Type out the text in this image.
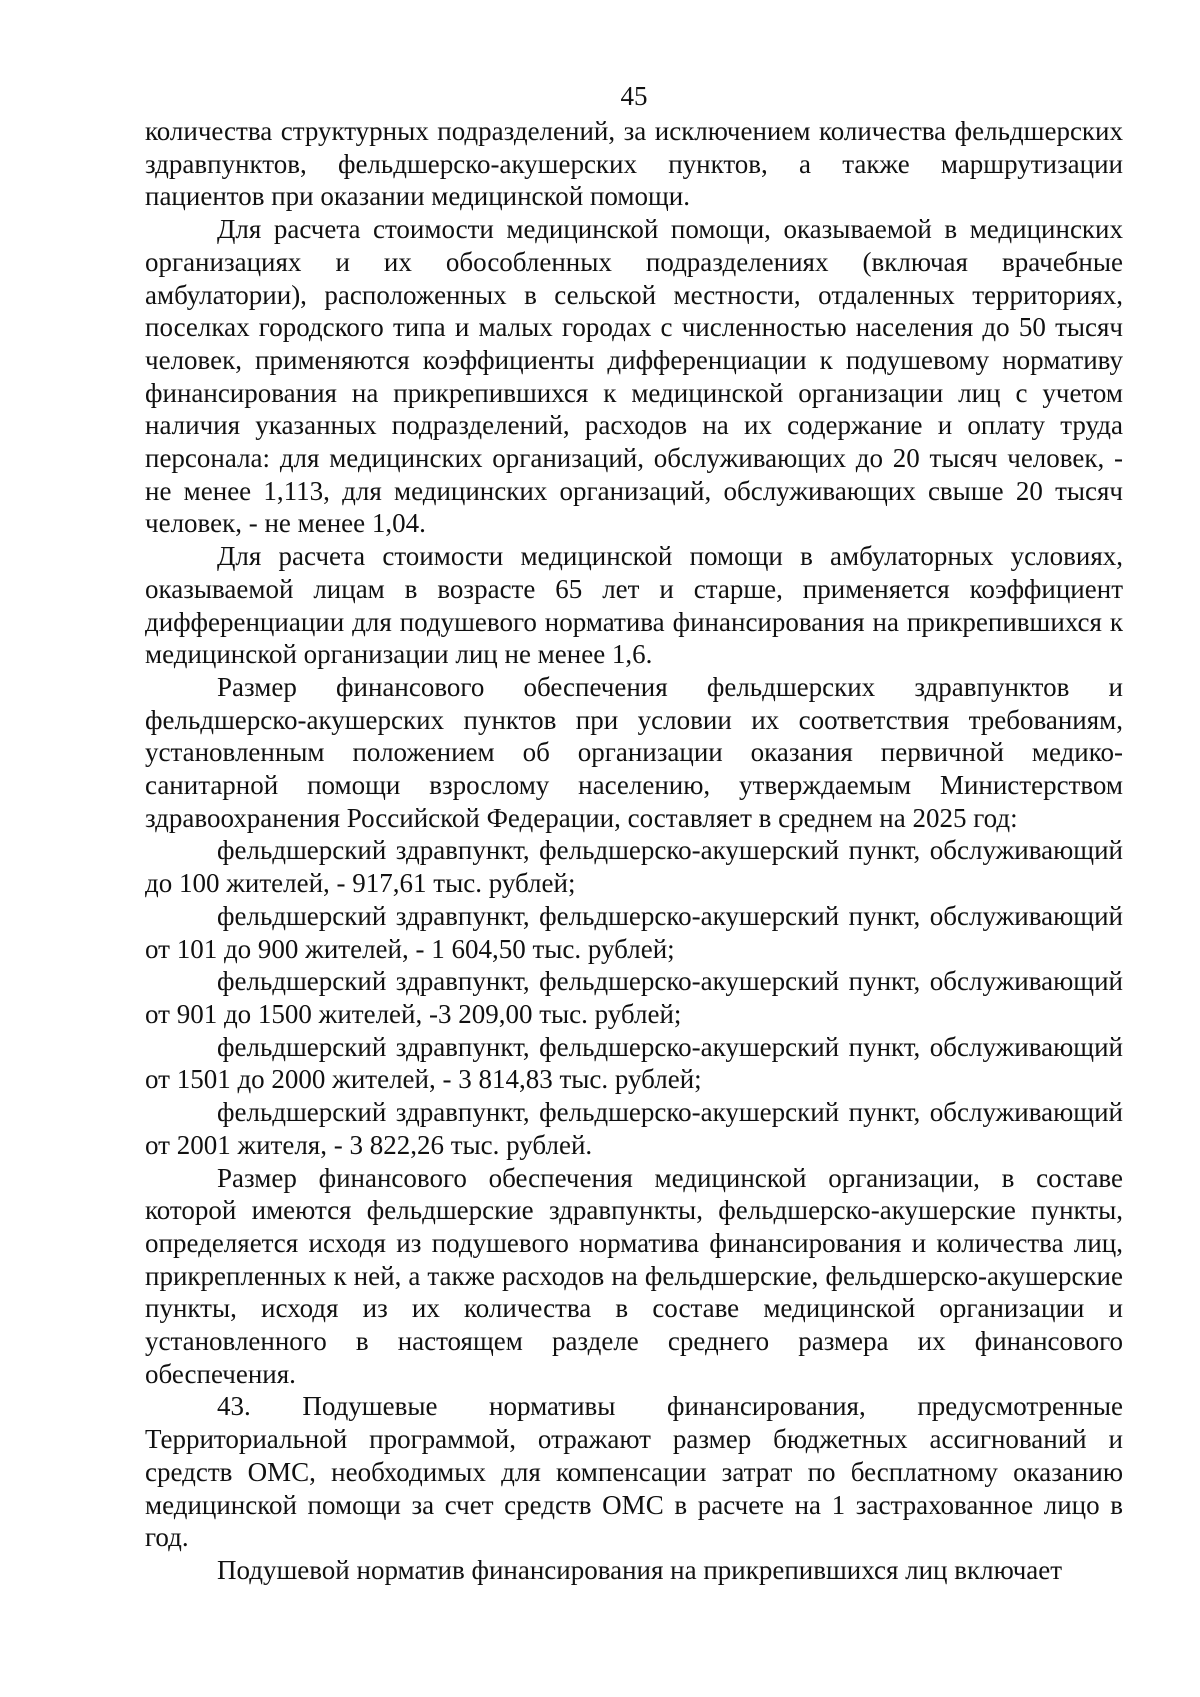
45

количества структурных подразделений, за исключением количества фельдшерских здравпунктов, фельдшерско-акушерских пунктов, а также маршрутизации пациентов при оказании медицинской помощи.

Для расчета стоимости медицинской помощи, оказываемой в медицинских организациях и их обособленных подразделениях (включая врачебные амбулатории), расположенных в сельской местности, отдаленных территориях, поселках городского типа и малых городах с численностью населения до 50 тысяч человек, применяются коэффициенты дифференциации к подушевому нормативу финансирования на прикрепившихся к медицинской организации лиц с учетом наличия указанных подразделений, расходов на их содержание и оплату труда персонала: для медицинских организаций, обслуживающих до 20 тысяч человек, - не менее 1,113, для медицинских организаций, обслуживающих свыше 20 тысяч человек, - не менее 1,04.

Для расчета стоимости медицинской помощи в амбулаторных условиях, оказываемой лицам в возрасте 65 лет и старше, применяется коэффициент дифференциации для подушевого норматива финансирования на прикрепившихся к медицинской организации лиц не менее 1,6.

Размер финансового обеспечения фельдшерских здравпунктов и фельдшерско-акушерских пунктов при условии их соответствия требованиям, установленным положением об организации оказания первичной медико-санитарной помощи взрослому населению, утверждаемым Министерством здравоохранения Российской Федерации, составляет в среднем на 2025 год:

фельдшерский здравпункт, фельдшерско-акушерский пункт, обслуживающий до 100 жителей, - 917,61 тыс. рублей;

фельдшерский здравпункт, фельдшерско-акушерский пункт, обслуживающий от 101 до 900 жителей, - 1 604,50 тыс. рублей;

фельдшерский здравпункт, фельдшерско-акушерский пункт, обслуживающий от 901 до 1500 жителей, -3 209,00 тыс. рублей;

фельдшерский здравпункт, фельдшерско-акушерский пункт, обслуживающий от 1501 до 2000 жителей, - 3 814,83 тыс. рублей;

фельдшерский здравпункт, фельдшерско-акушерский пункт, обслуживающий от 2001 жителя, - 3 822,26 тыс. рублей.

Размер финансового обеспечения медицинской организации, в составе которой имеются фельдшерские здравпункты, фельдшерско-акушерские пункты, определяется исходя из подушевого норматива финансирования и количества лиц, прикрепленных к ней, а также расходов на фельдшерские, фельдшерско-акушерские пункты, исходя из их количества в составе медицинской организации и установленного в настоящем разделе среднего размера их финансового обеспечения.

43. Подушевые нормативы финансирования, предусмотренные Территориальной программой, отражают размер бюджетных ассигнований и средств ОМС, необходимых для компенсации затрат по бесплатному оказанию медицинской помощи за счет средств ОМС в расчете на 1 застрахованное лицо в год.

Подушевой норматив финансирования на прикрепившихся лиц включает
